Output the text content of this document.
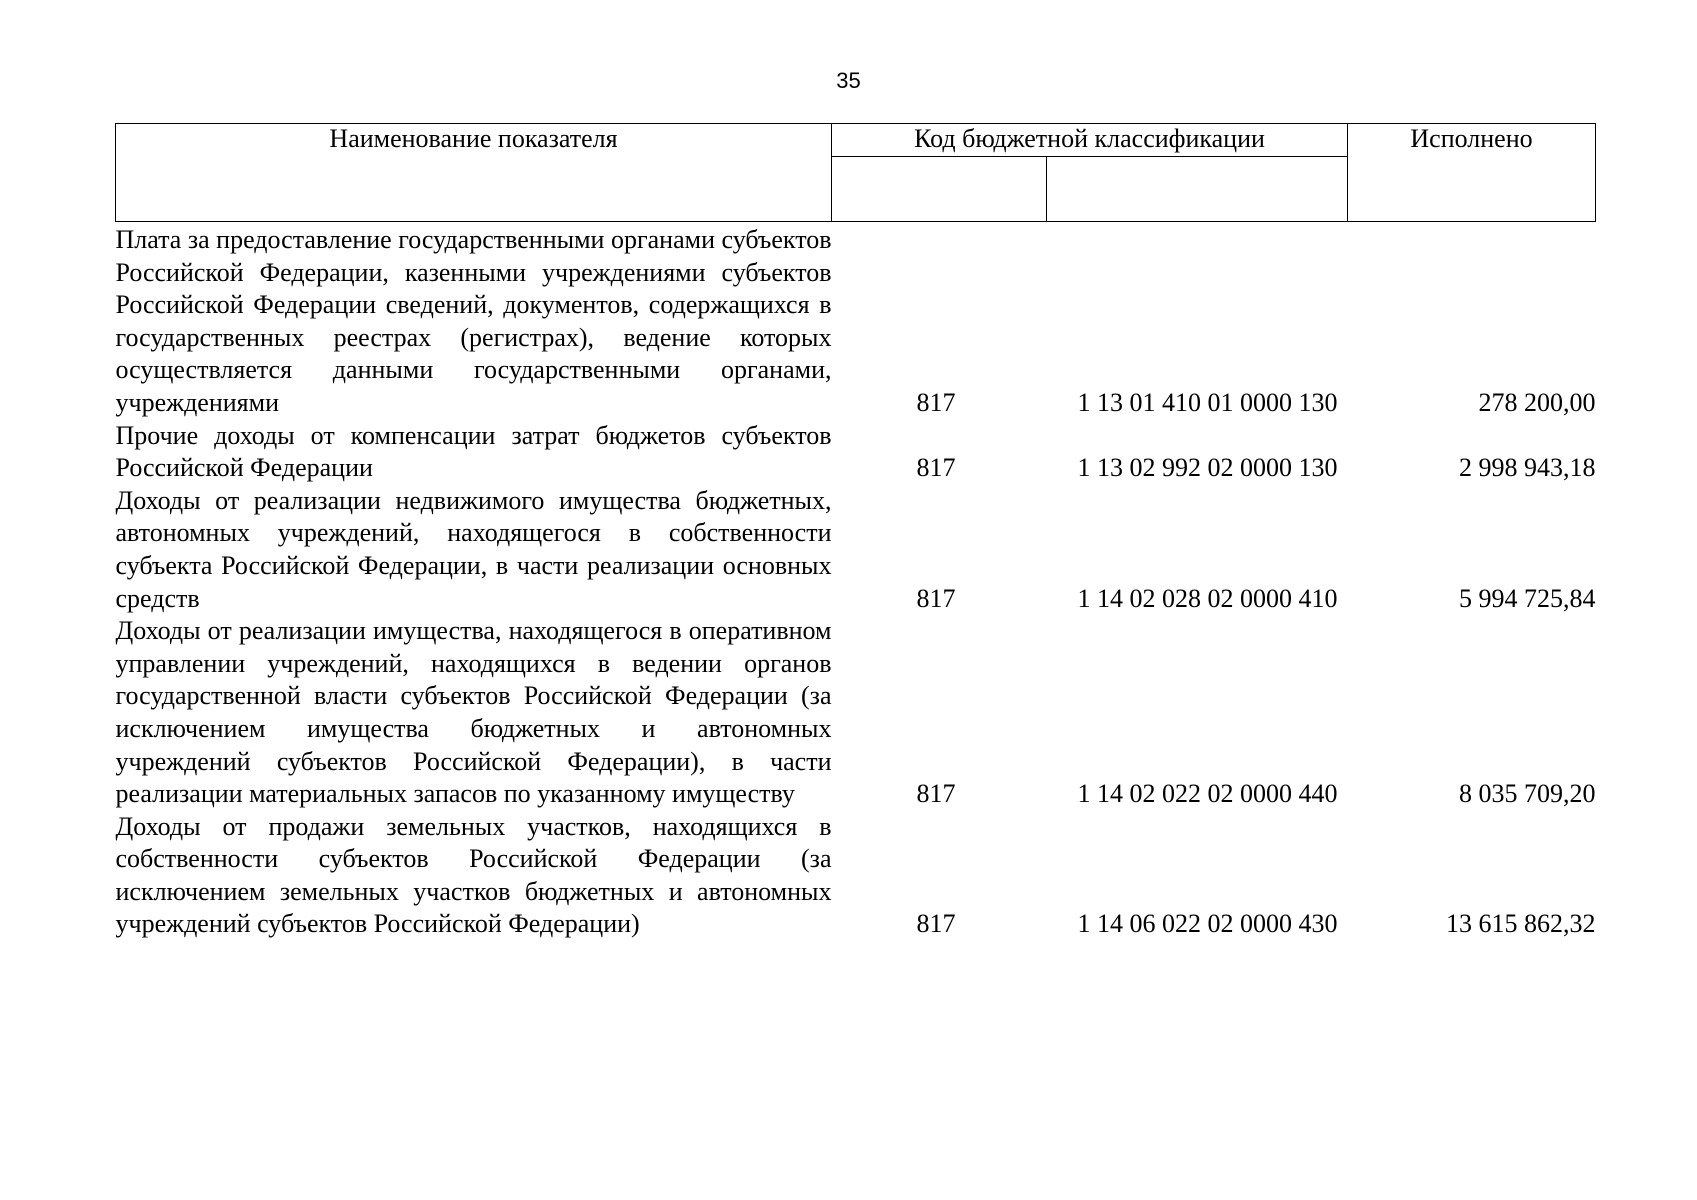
35
Наименование показателя	Код бюджетной классификации		Исполнено

Плата за предоставление государственными органами субъектов Российской Федерации, казенными учреждениями субъектов Российской Федерации сведений, документов, содержащихся в государственных реестрах (регистрах), ведение которых осуществляется данными государственными органами, учреждениями	817	1 13 01 410 01 0000 130	278 200,00
Прочие доходы от компенсации затрат бюджетов субъектов Российской Федерации	817	1 13 02 992 02 0000 130	2 998 943,18
Доходы от реализации недвижимого имущества бюджетных, автономных учреждений, находящегося в собственности субъекта Российской Федерации, в части реализации основных средств	817	1 14 02 028 02 0000 410	5 994 725,84
Доходы от реализации имущества, находящегося в оперативном управлении учреждений, находящихся в ведении органов государственной власти субъектов Российской Федерации (за исключением имущества бюджетных и автономных учреждений субъектов Российской Федерации), в части реализации материальных запасов по указанному имуществу	817	1 14 02 022 02 0000 440	8 035 709,20
Доходы от продажи земельных участков, находящихся в собственности субъектов Российской Федерации (за исключением земельных участков бюджетных и автономных учреждений субъектов Российской Федерации)	817	1 14 06 022 02 0000 430	13 615 862,32
